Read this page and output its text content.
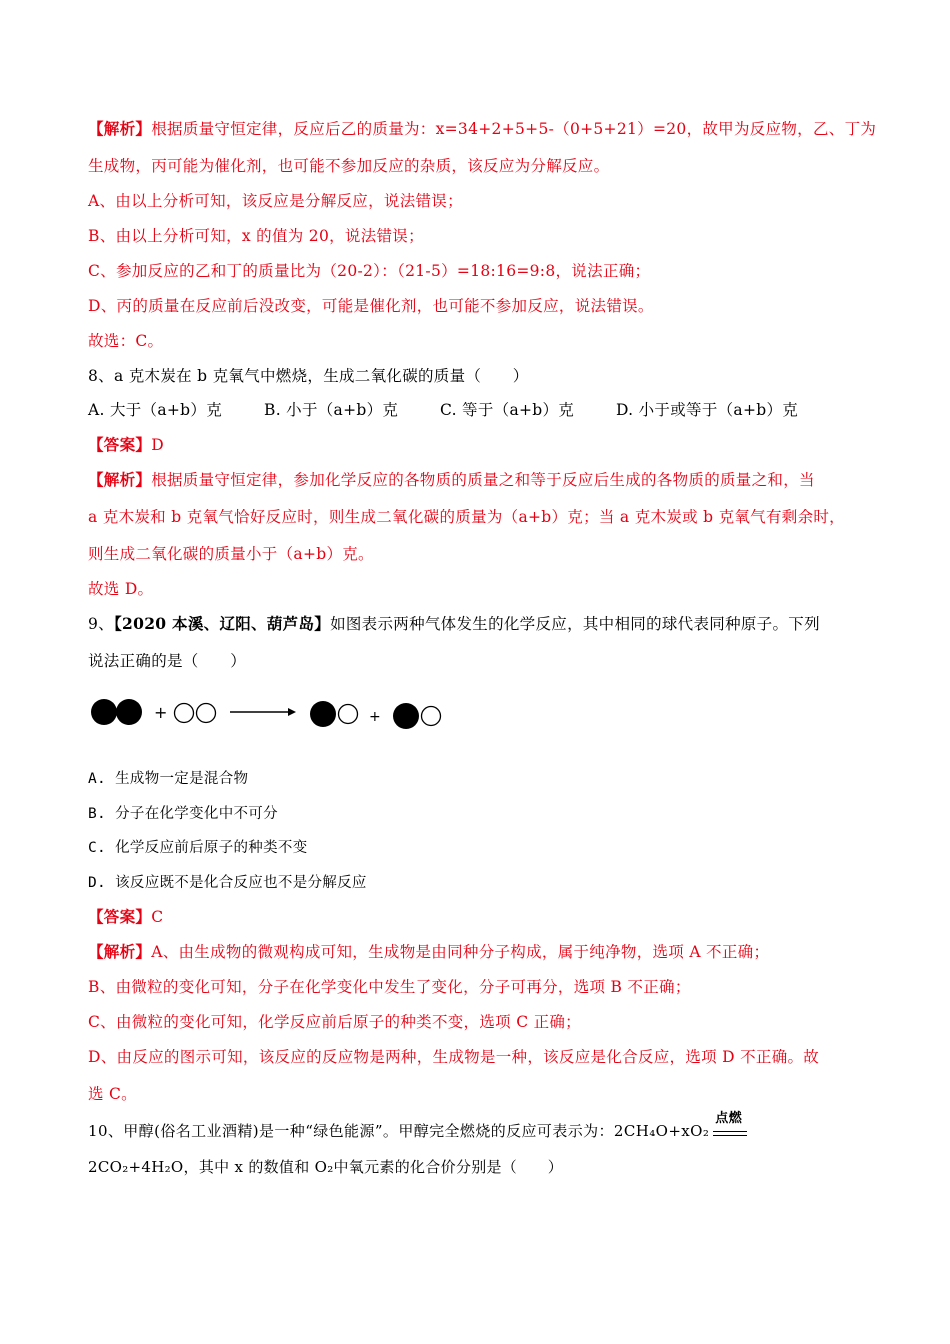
【解析】根据质量守恒定律，反应后乙的质量为：x=34+2+5+5-（0+5+21）=20，故甲为反应物，乙、丁为
生成物，丙可能为催化剂，也可能不参加反应的杂质，该反应为分解反应。
A、由以上分析可知，该反应是分解反应，说法错误；
B、由以上分析可知，x 的值为 20，说法错误；
C、参加反应的乙和丁的质量比为（20-2）：（21-5）=18:16=9:8，说法正确；
D、丙的质量在反应前后没改变，可能是催化剂，也可能不参加反应，说法错误。
故选：C。
8、a 克木炭在 b 克氧气中燃烧，生成二氧化碳的质量（　　）
A. 大于（a+b）克	B. 小于（a+b）克	C. 等于（a+b）克	D. 小于或等于（a+b）克
【答案】D
【解析】根据质量守恒定律，参加化学反应的各物质的质量之和等于反应后生成的各物质的质量之和，当
a 克木炭和 b 克氧气恰好反应时，则生成二氧化碳的质量为（a+b）克；当 a 克木炭或 b 克氧气有剩余时，
则生成二氧化碳的质量小于（a+b）克。
故选 D。
9、【2020 本溪、辽阳、葫芦岛】如图表示两种气体发生的化学反应，其中相同的球代表同种原子。下列
说法正确的是（　　）
+	+
A. 生成物一定是混合物
B. 分子在化学变化中不可分
C. 化学反应前后原子的种类不变
D. 该反应既不是化合反应也不是分解反应
【答案】C
【解析】A、由生成物的微观构成可知，生成物是由同种分子构成，属于纯净物，选项 A 不正确；
B、由微粒的变化可知，分子在化学变化中发生了变化，分子可再分，选项 B 不正确；
C、由微粒的变化可知，化学反应前后原子的种类不变，选项 C 正确；
D、由反应的图示可知，该反应的反应物是两种，生成物是一种，该反应是化合反应，选项 D 不正确。故
选 C。
10、甲醇(俗名工业酒精)是一种“绿色能源”。甲醇完全燃烧的反应可表示为：2CH₄O+xO₂
点燃
2CO₂+4H₂O，其中 x 的数值和 O₂中氧元素的化合价分别是（　　）
